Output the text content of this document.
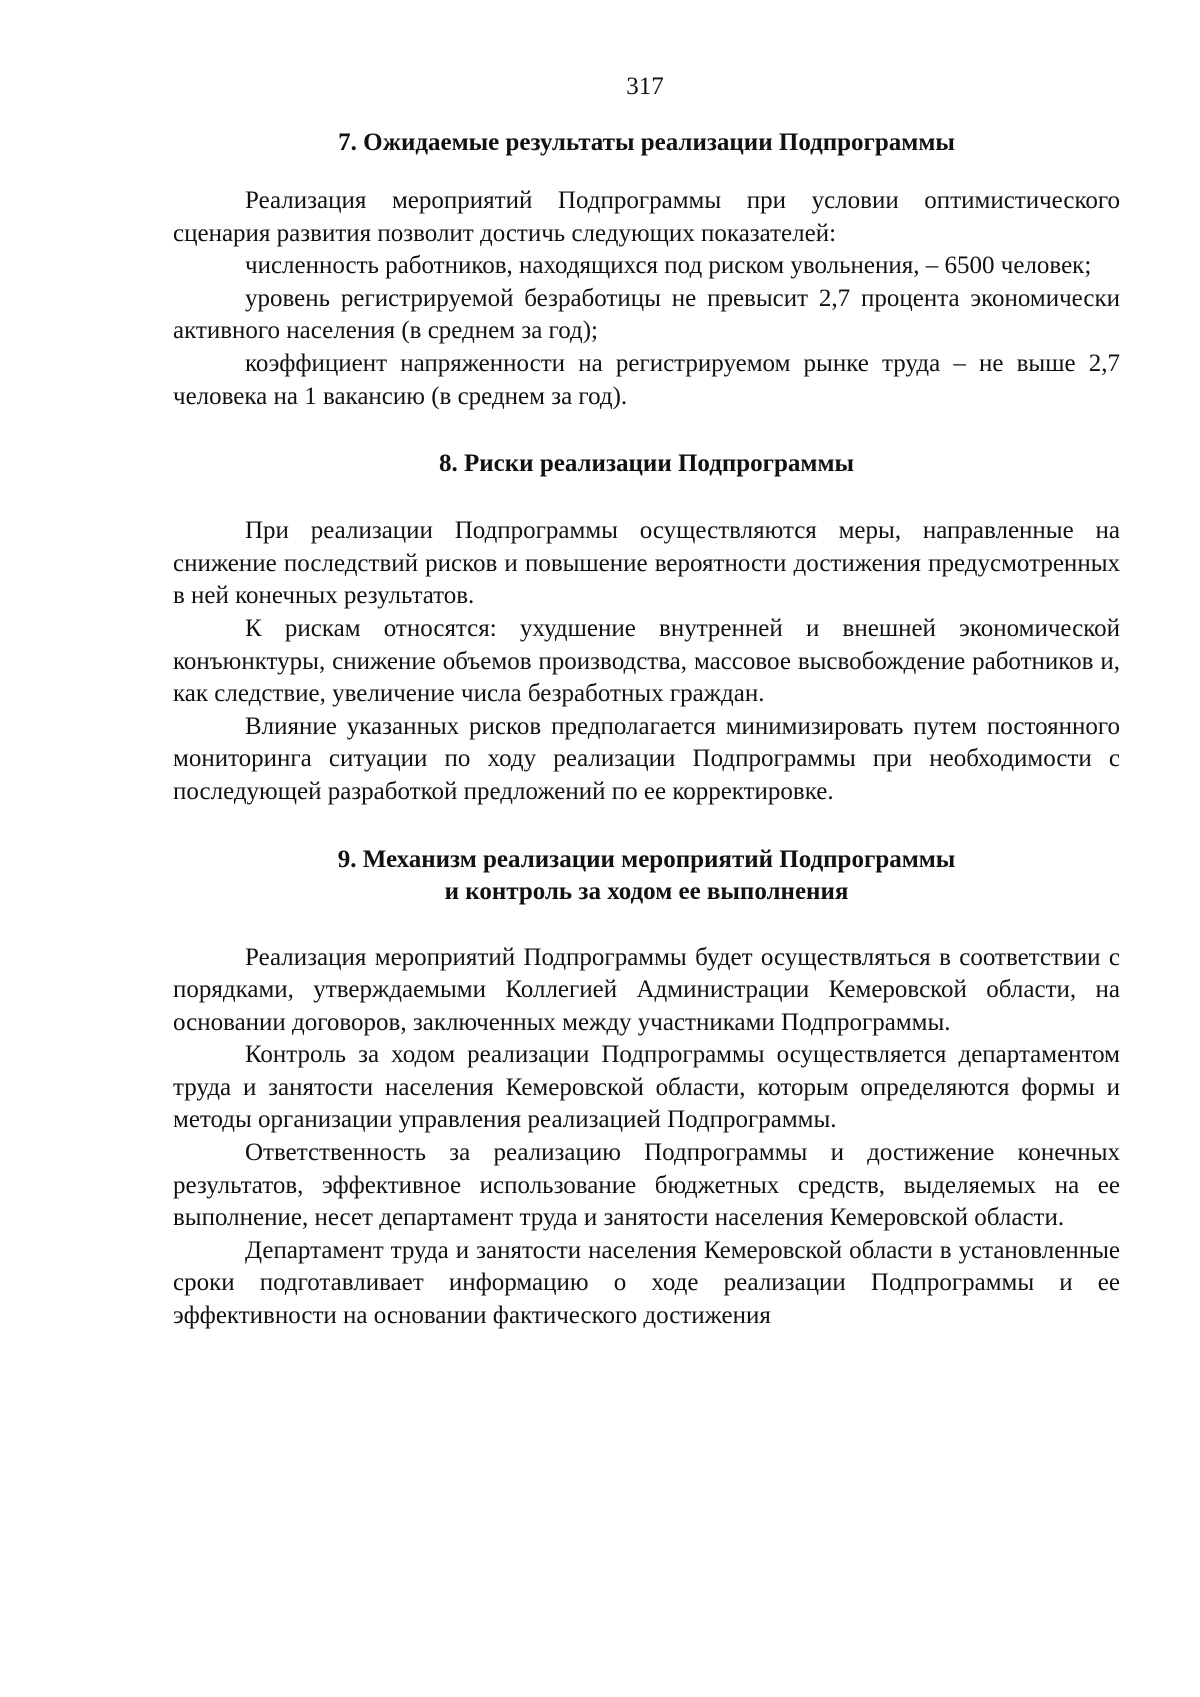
317
7. Ожидаемые результаты реализации Подпрограммы

Реализация мероприятий Подпрограммы при условии оптимистического сценария развития позволит достичь следующих показателей:

численность работников, находящихся под риском увольнения, – 6500 человек;

уровень регистрируемой безработицы не превысит 2,7 процента экономически активного населения (в среднем за год);

коэффициент напряженности на регистрируемом рынке труда – не выше 2,7 человека на 1 вакансию (в среднем за год).

8. Риски реализации Подпрограммы

При реализации Подпрограммы осуществляются меры, направленные на снижение последствий рисков и повышение вероятности достижения предусмотренных в ней конечных результатов.

К рискам относятся: ухудшение внутренней и внешней экономической конъюнктуры, снижение объемов производства, массовое высвобождение работников и, как следствие, увеличение числа безработных граждан.

Влияние указанных рисков предполагается минимизировать путем постоянного мониторинга ситуации по ходу реализации Подпрограммы при необходимости с последующей разработкой предложений по ее корректировке.

9. Механизм реализации мероприятий Подпрограммы
и контроль за ходом ее выполнения

Реализация мероприятий Подпрограммы будет осуществляться в соответствии с порядками, утверждаемыми Коллегией Администрации Кемеровской области, на основании договоров, заключенных между участниками Подпрограммы.

Контроль за ходом реализации Подпрограммы осуществляется департаментом труда и занятости населения Кемеровской области, которым определяются формы и методы организации управления реализацией Подпрограммы.

Ответственность за реализацию Подпрограммы и достижение конечных результатов, эффективное использование бюджетных средств, выделяемых на ее выполнение, несет департамент труда и занятости населения Кемеровской области.

Департамент труда и занятости населения Кемеровской области в установленные сроки подготавливает информацию о ходе реализации Подпрограммы и ее эффективности на основании фактического достижения
